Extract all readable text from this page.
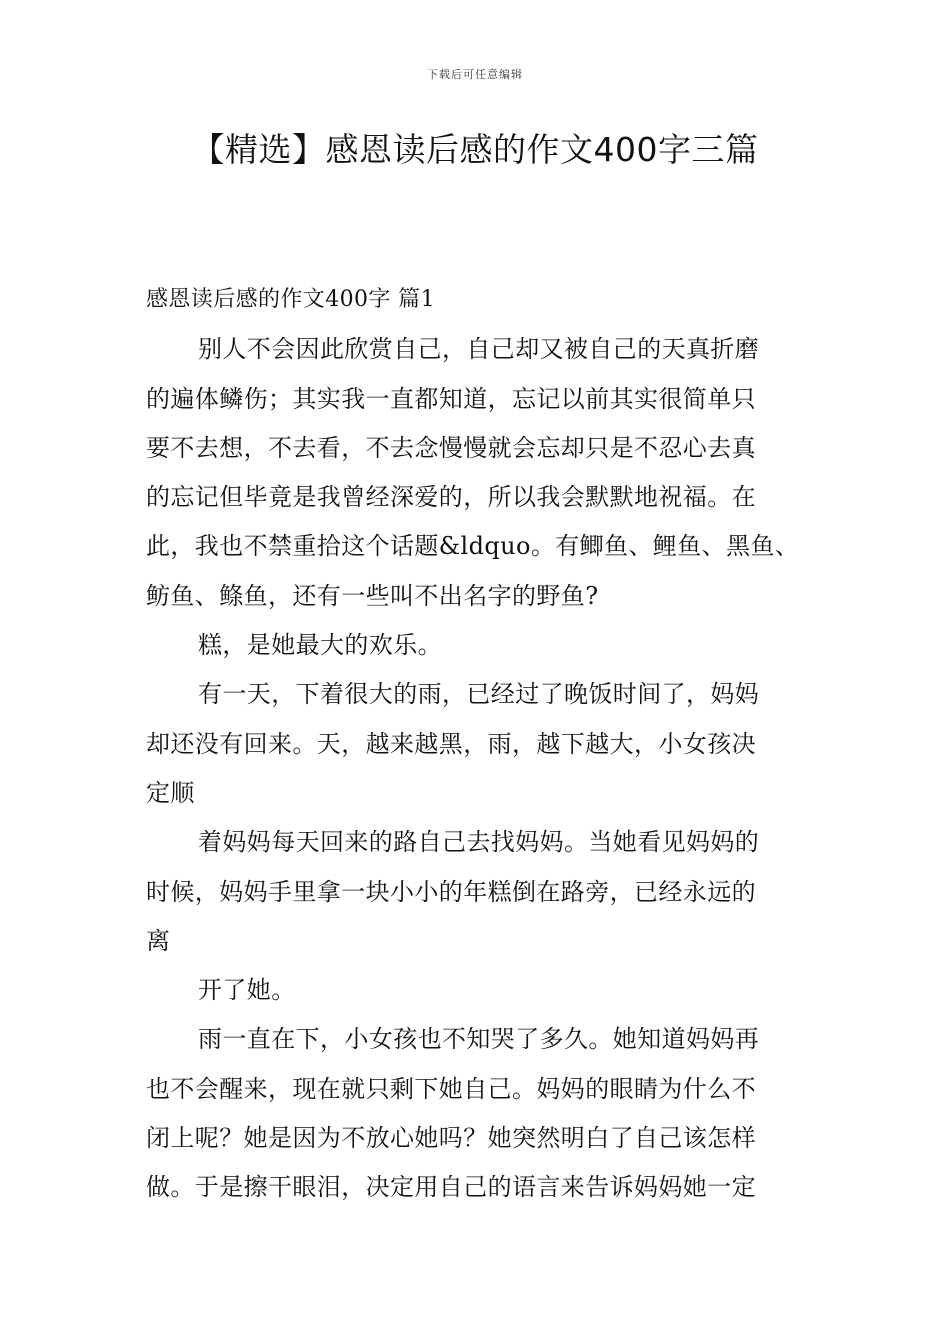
下载后可任意编辑
【精选】感恩读后感的作文400字三篇
感恩读后感的作文400字 篇1
别人不会因此欣赏自己，自己却又被自己的天真折磨
的遍体鳞伤；其实我一直都知道，忘记以前其实很简单只
要不去想，不去看，不去念慢慢就会忘却只是不忍心去真
的忘记但毕竟是我曾经深爱的，所以我会默默地祝福。在
此，我也不禁重拾这个话题&ldquo。有鲫鱼、鲤鱼、黑鱼、
鲂鱼、鲦鱼，还有一些叫不出名字的野鱼?
糕，是她最大的欢乐。
有一天，下着很大的雨，已经过了晚饭时间了，妈妈
却还没有回来。天，越来越黑，雨，越下越大，小女孩决
定顺
着妈妈每天回来的路自己去找妈妈。当她看见妈妈的
时候，妈妈手里拿一块小小的年糕倒在路旁，已经永远的
离
开了她。
雨一直在下，小女孩也不知哭了多久。她知道妈妈再
也不会醒来，现在就只剩下她自己。妈妈的眼睛为什么不
闭上呢？她是因为不放心她吗？她突然明白了自己该怎样
做。于是擦干眼泪，决定用自己的语言来告诉妈妈她一定
